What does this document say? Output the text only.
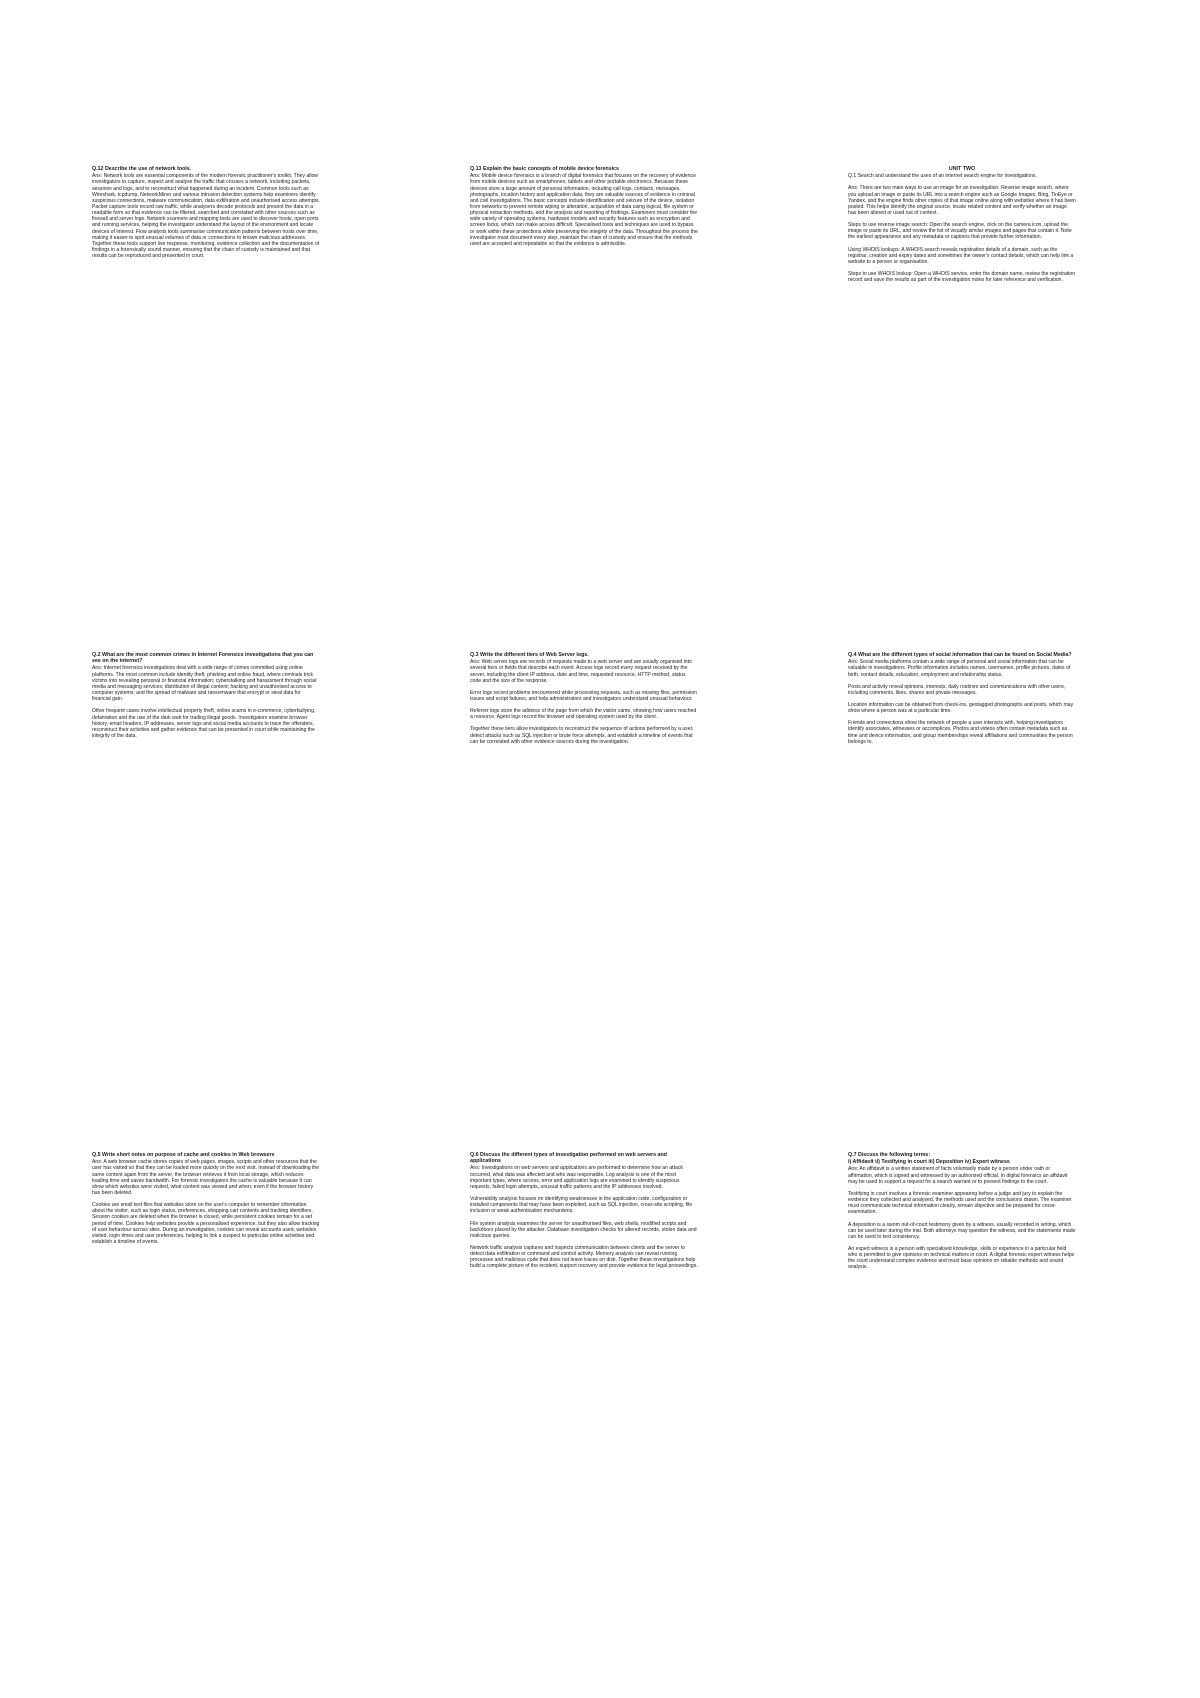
Q.12 Describe the use of network tools.

Ans: Network tools are essential components of the modern forensic practitioner's toolkit. They allow investigators to capture, inspect and analyse the traffic that crosses a network, including packets, sessions and logs, and to reconstruct what happened during an incident. Common tools such as Wireshark, tcpdump, NetworkMiner and various intrusion detection systems help examiners identify suspicious connections, malware communication, data exfiltration and unauthorised access attempts. Packet capture tools record raw traffic, while analysers decode protocols and present the data in a readable form so that evidence can be filtered, searched and correlated with other sources such as firewall and server logs. Network scanners and mapping tools are used to discover hosts, open ports and running services, helping the investigator understand the layout of the environment and locate devices of interest. Flow analysis tools summarise communication patterns between hosts over time, making it easier to spot unusual volumes of data or connections to known malicious addresses. Together these tools support live response, monitoring, evidence collection and the documentation of findings in a forensically sound manner, ensuring that the chain of custody is maintained and that results can be reproduced and presented in court.

Q.13 Explain the basic concepts of mobile device forensics

Ans: Mobile device forensics is a branch of digital forensics that focuses on the recovery of evidence from mobile devices such as smartphones, tablets and other portable electronics. Because these devices store a large amount of personal information, including call logs, contacts, messages, photographs, location history and application data, they are valuable sources of evidence in criminal and civil investigations. The basic concepts include identification and seizure of the device, isolation from networks to prevent remote wiping or alteration, acquisition of data using logical, file system or physical extraction methods, and the analysis and reporting of findings. Examiners must consider the wide variety of operating systems, hardware models and security features such as encryption and screen locks, which can make access difficult. Specialised tools and techniques are used to bypass or work within these protections while preserving the integrity of the data. Throughout the process the investigator must document every step, maintain the chain of custody and ensure that the methods used are accepted and repeatable so that the evidence is admissible.

UNIT TWO

Q.1 Search and understand the uses of an internet search engine for investigations.

Ans: There are two main ways to use an image for an investigation. Reverse image search, where you upload an image or paste its URL into a search engine such as Google Images, Bing, TinEye or Yandex, and the engine finds other copies of that image online along with websites where it has been posted. This helps identify the original source, locate related content and verify whether an image has been altered or used out of context.

Steps to use reverse image search: Open the search engine, click on the camera icon, upload the image or paste its URL, and review the list of visually similar images and pages that contain it. Note the earliest appearance and any metadata or captions that provide further information.

Using WHOIS lookups: A WHOIS search reveals registration details of a domain, such as the registrar, creation and expiry dates and sometimes the owner's contact details, which can help link a website to a person or organisation.

Steps to use WHOIS lookup: Open a WHOIS service, enter the domain name, review the registration record and save the results as part of the investigation notes for later reference and verification.

Q.2 What are the most common crimes in Internet Forensics investigations that you can see on the internet?

Ans: Internet forensics investigations deal with a wide range of crimes committed using online platforms. The most common include identity theft, phishing and online fraud, where criminals trick victims into revealing personal or financial information; cyberstalking and harassment through social media and messaging services; distribution of illegal content; hacking and unauthorised access to computer systems; and the spread of malware and ransomware that encrypt or steal data for financial gain.

Other frequent cases involve intellectual property theft, online scams in e-commerce, cyberbullying, defamation and the use of the dark web for trading illegal goods. Investigators examine browser history, email headers, IP addresses, server logs and social media accounts to trace the offenders, reconstruct their activities and gather evidence that can be presented in court while maintaining the integrity of the data.

Q.3 Write the different tiers of Web Server logs.

Ans: Web server logs are records of requests made to a web server and are usually organised into several tiers or fields that describe each event. Access logs record every request received by the server, including the client IP address, date and time, requested resource, HTTP method, status code and the size of the response.

Error logs record problems encountered while processing requests, such as missing files, permission issues and script failures, and help administrators and investigators understand unusual behaviour.

Referrer logs store the address of the page from which the visitor came, showing how users reached a resource. Agent logs record the browser and operating system used by the client.

Together these tiers allow investigators to reconstruct the sequence of actions performed by a user, detect attacks such as SQL injection or brute force attempts, and establish a timeline of events that can be correlated with other evidence sources during the investigation.

Q.4 What are the different types of social information that can be found on Social Media?

Ans: Social media platforms contain a wide range of personal and social information that can be valuable in investigations. Profile information includes names, usernames, profile pictures, dates of birth, contact details, education, employment and relationship status.

Posts and activity reveal opinions, interests, daily routines and communications with other users, including comments, likes, shares and private messages.

Location information can be obtained from check-ins, geotagged photographs and posts, which may show where a person was at a particular time.

Friends and connections show the network of people a user interacts with, helping investigators identify associates, witnesses or accomplices. Photos and videos often contain metadata such as time and device information, and group memberships reveal affiliations and communities the person belongs to.

Q.5 Write short notes on purpose of cache and cookies in Web browsers

Ans: A web browser cache stores copies of web pages, images, scripts and other resources that the user has visited so that they can be loaded more quickly on the next visit. Instead of downloading the same content again from the server, the browser retrieves it from local storage, which reduces loading time and saves bandwidth. For forensic investigators the cache is valuable because it can show which websites were visited, what content was viewed and when, even if the browser history has been deleted.

Cookies are small text files that websites store on the user's computer to remember information about the visitor, such as login status, preferences, shopping cart contents and tracking identifiers. Session cookies are deleted when the browser is closed, while persistent cookies remain for a set period of time. Cookies help websites provide a personalised experience, but they also allow tracking of user behaviour across sites. During an investigation, cookies can reveal accounts used, websites visited, login times and user preferences, helping to link a suspect to particular online activities and establish a timeline of events.

Q.6 Discuss the different types of investigation performed on web servers and applications

Ans: Investigations on web servers and applications are performed to determine how an attack occurred, what data was affected and who was responsible. Log analysis is one of the most important types, where access, error and application logs are examined to identify suspicious requests, failed login attempts, unusual traffic patterns and the IP addresses involved.

Vulnerability analysis focuses on identifying weaknesses in the application code, configuration or installed components that may have been exploited, such as SQL injection, cross-site scripting, file inclusion or weak authentication mechanisms.

File system analysis examines the server for unauthorised files, web shells, modified scripts and backdoors placed by the attacker. Database investigation checks for altered records, stolen data and malicious queries.

Network traffic analysis captures and inspects communication between clients and the server to detect data exfiltration or command and control activity. Memory analysis can reveal running processes and malicious code that does not leave traces on disk. Together these investigations help build a complete picture of the incident, support recovery and provide evidence for legal proceedings.

Q.7 Discuss the following terms:
i) Affidavit ii) Testifying in court iii) Deposition iv) Expert witness

Ans: An affidavit is a written statement of facts voluntarily made by a person under oath or affirmation, which is signed and witnessed by an authorised official. In digital forensics an affidavit may be used to support a request for a search warrant or to present findings to the court.

Testifying in court involves a forensic examiner appearing before a judge and jury to explain the evidence they collected and analysed, the methods used and the conclusions drawn. The examiner must communicate technical information clearly, remain objective and be prepared for cross-examination.

A deposition is a sworn out-of-court testimony given by a witness, usually recorded in writing, which can be used later during the trial. Both attorneys may question the witness, and the statements made can be used to test consistency.

An expert witness is a person with specialised knowledge, skills or experience in a particular field who is permitted to give opinions on technical matters in court. A digital forensic expert witness helps the court understand complex evidence and must base opinions on reliable methods and sound analysis.
